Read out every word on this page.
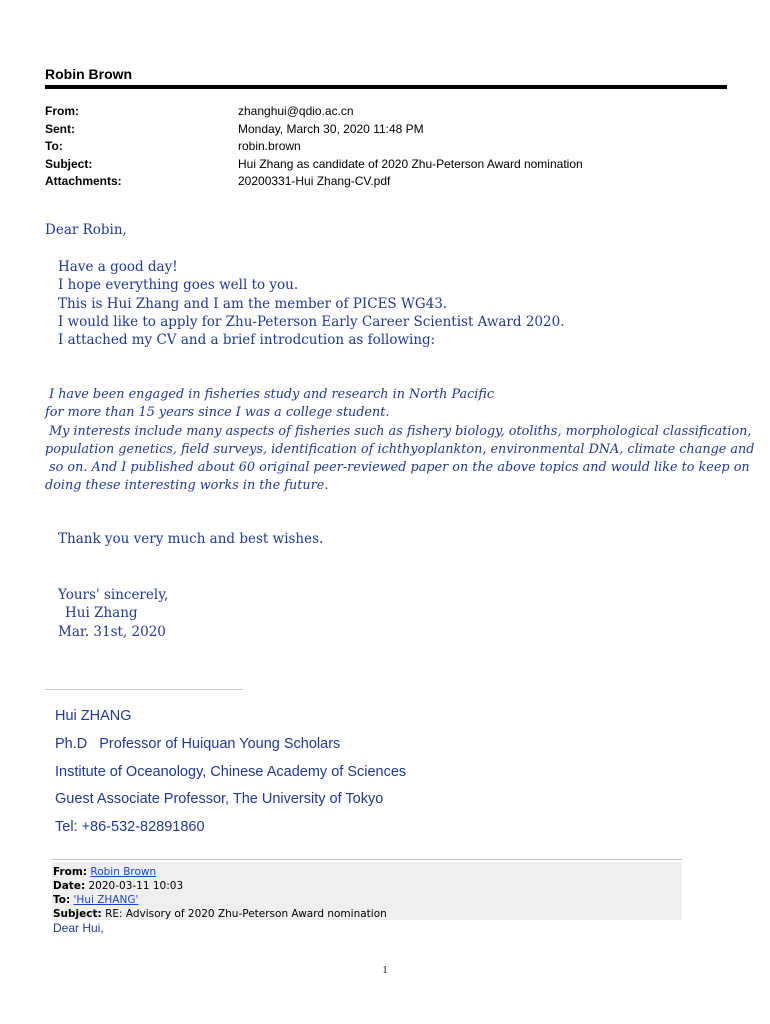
Robin Brown
From:	zhanghui@qdio.ac.cn
Sent:	Monday, March 30, 2020 11:48 PM
To:	robin.brown
Subject:	Hui Zhang as candidate of 2020 Zhu-Peterson Award nomination
Attachments:	20200331-Hui Zhang-CV.pdf
Dear Robin,
Have a good day!
I hope everything goes well to you.
This is Hui Zhang and I am the member of PICES WG43.
I would like to apply for Zhu-Peterson Early Career Scientist Award 2020.
I attached my CV and a brief introdcution as following:
I have been engaged in fisheries study and research in North Pacific
for more than 15 years since I was a college student.
My interests include many aspects of fisheries such as fishery biology, otoliths, morphological classification,
population genetics, field surveys, identification of ichthyoplankton, environmental DNA, climate change and
so on. And I published about 60 original peer-reviewed paper on the above topics and would like to keep on
doing these interesting works in the future.
Thank you very much and best wishes.
Yours' sincerely,
Hui Zhang
Mar. 31st, 2020
Hui ZHANG
Ph.D Professor of Huiquan Young Scholars
Institute of Oceanology, Chinese Academy of Sciences
Guest Associate Professor, The University of Tokyo
Tel: +86-532-82891860
From: Robin Brown
Date: 2020-03-11 10:03
To: 'Hui ZHANG'
Subject: RE: Advisory of 2020 Zhu-Peterson Award nomination
Dear Hui,
1
